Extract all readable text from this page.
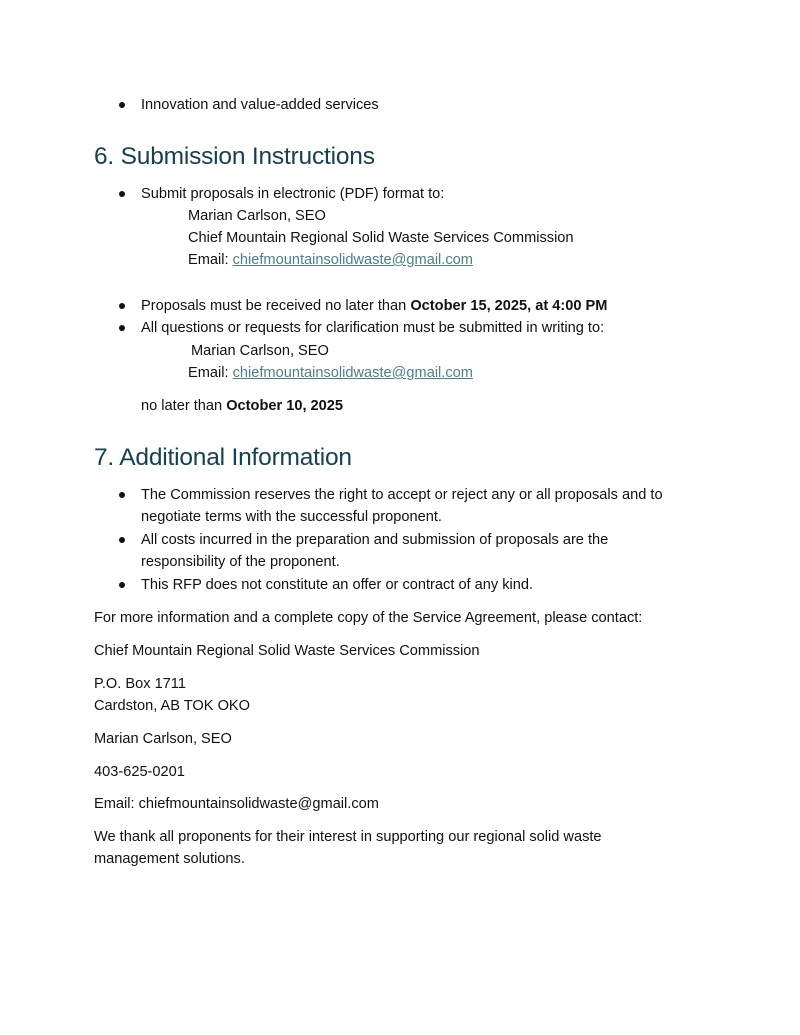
Innovation and value-added services
6. Submission Instructions
Submit proposals in electronic (PDF) format to:
Marian Carlson, SEO
Chief Mountain Regional Solid Waste Services Commission
Email: chiefmountainsolidwaste@gmail.com
Proposals must be received no later than October 15, 2025, at 4:00 PM
All questions or requests for clarification must be submitted in writing to:
Marian Carlson, SEO
Email: chiefmountainsolidwaste@gmail.com
no later than October 10, 2025
7. Additional Information
The Commission reserves the right to accept or reject any or all proposals and to
negotiate terms with the successful proponent.
All costs incurred in the preparation and submission of proposals are the
responsibility of the proponent.
This RFP does not constitute an offer or contract of any kind.
For more information and a complete copy of the Service Agreement, please contact:
Chief Mountain Regional Solid Waste Services Commission
P.O. Box 1711
Cardston, AB TOK OKO
Marian Carlson, SEO
403-625-0201
Email: chiefmountainsolidwaste@gmail.com
We thank all proponents for their interest in supporting our regional solid waste
management solutions.
